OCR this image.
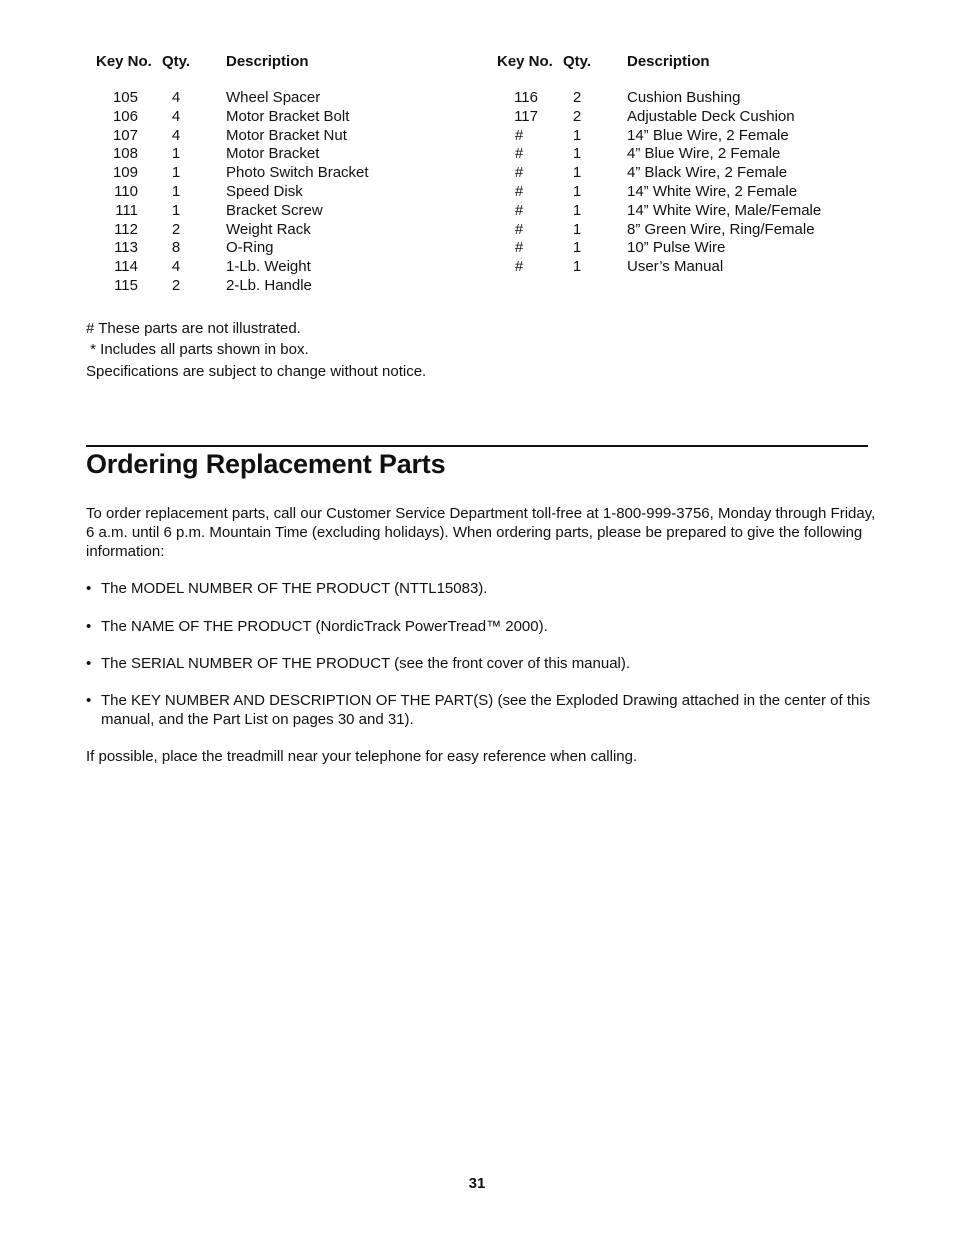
Key No. Qty. Description	Key No. Qty. Description
105	4	Wheel Spacer
106	4	Motor Bracket Bolt
107	4	Motor Bracket Nut
108	1	Motor Bracket
109	1	Photo Switch Bracket
110	1	Speed Disk
111	1	Bracket Screw
112	2	Weight Rack
113	8	O-Ring
114	4	1-Lb. Weight
115	2	2-Lb. Handle
116	2	Cushion Bushing
117	2	Adjustable Deck Cushion
#	1	14” Blue Wire, 2 Female
#	1	4” Blue Wire, 2 Female
#	1	4” Black Wire, 2 Female
#	1	14” White Wire, 2 Female
#	1	14” White Wire, Male/Female
#	1	8” Green Wire, Ring/Female
#	1	10” Pulse Wire
#	1	User’s Manual
# These parts are not illustrated.
* Includes all parts shown in box.
Specifications are subject to change without notice.
Ordering Replacement Parts
To order replacement parts, call our Customer Service Department toll-free at 1-800-999-3756, Monday through Friday, 6 a.m. until 6 p.m. Mountain Time (excluding holidays). When ordering parts, please be prepared to give the following information:
• The MODEL NUMBER OF THE PRODUCT (NTTL15083).
• The NAME OF THE PRODUCT (NordicTrack PowerTread™ 2000).
• The SERIAL NUMBER OF THE PRODUCT (see the front cover of this manual).
• The KEY NUMBER AND DESCRIPTION OF THE PART(S) (see the Exploded Drawing attached in the center of this manual, and the Part List on pages 30 and 31).
If possible, place the treadmill near your telephone for easy reference when calling.
31
